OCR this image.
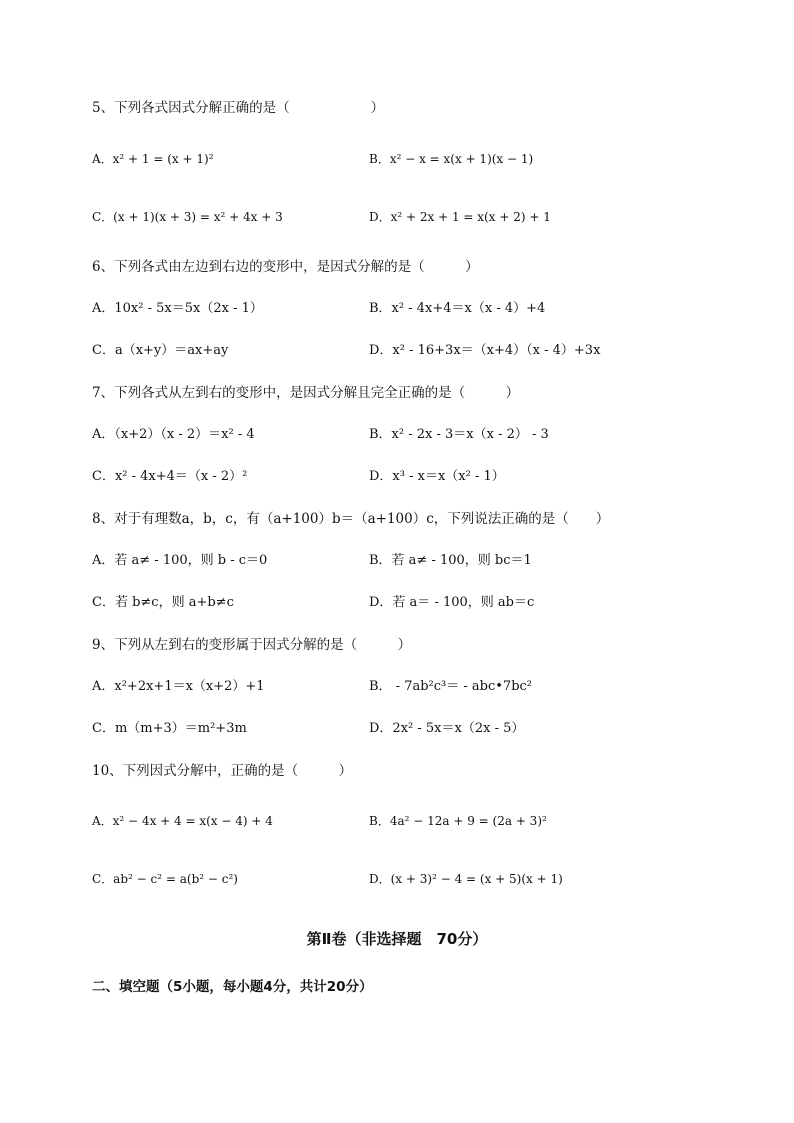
5、下列各式因式分解正确的是（　　　　　　）
A．x² + 1 = (x + 1)²	B．x² − x = x(x + 1)(x − 1)
C．(x + 1)(x + 3) = x² + 4x + 3	D．x² + 2x + 1 = x(x + 2) + 1
6、下列各式由左边到右边的变形中，是因式分解的是（　　　）
A．10x² - 5x＝5x（2x - 1）	B．x² - 4x+4＝x（x - 4）+4
C．a（x+y）＝ax+ay	D．x² - 16+3x＝（x+4）（x - 4）+3x
7、下列各式从左到右的变形中，是因式分解且完全正确的是（　　　）
A．（x+2）（x - 2）＝x² - 4	B．x² - 2x - 3＝x（x - 2） - 3
C．x² - 4x+4＝（x - 2）²	D．x³ - x＝x（x² - 1）
8、对于有理数a，b，c，有（a+100）b＝（a+100）c，下列说法正确的是（　　）
A．若 a≠ - 100，则 b - c＝0	B．若 a≠ - 100，则 bc＝1
C．若 b≠c，则 a+b≠c	D．若 a＝ - 100，则 ab＝c
9、下列从左到右的变形属于因式分解的是（　　　）
A．x²+2x+1＝x（x+2）+1	B． - 7ab²c³＝ - abc•7bc²
C．m（m+3）＝m²+3m	D．2x² - 5x＝x（2x - 5）
10、下列因式分解中，正确的是（　　　）
A．x² − 4x + 4 = x(x − 4) + 4	B．4a² − 12a + 9 = (2a + 3)²
C．ab² − c² = a(b² − c²)	D．(x + 3)² − 4 = (x + 5)(x + 1)
第Ⅱ卷（非选择题　70分）
二、填空题（5小题，每小题4分，共计20分）
